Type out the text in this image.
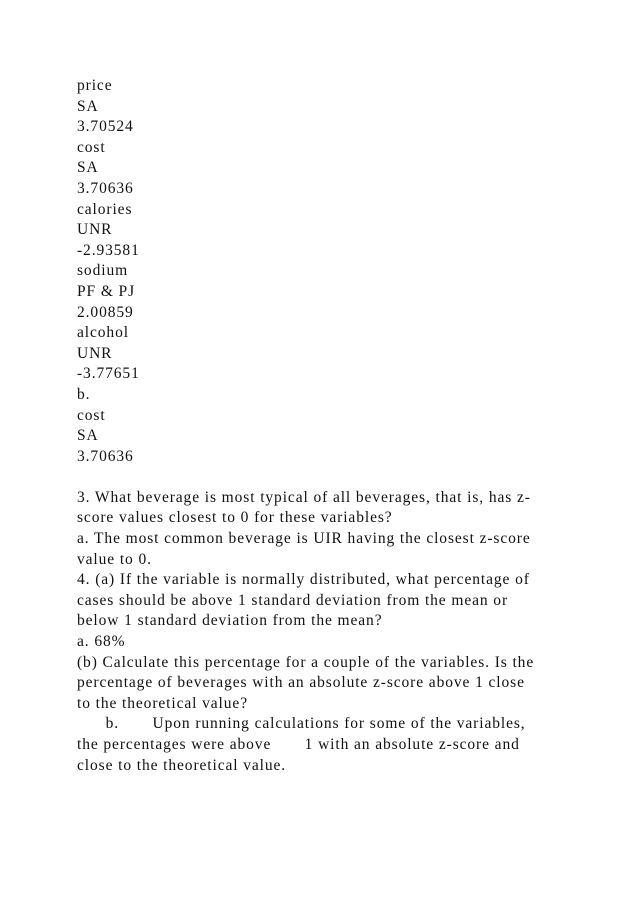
price
SA
3.70524
cost
SA
3.70636
calories
UNR
-2.93581
sodium
PF & PJ
2.00859
alcohol
UNR
-3.77651
b.
cost
SA
3.70636
3. What beverage is most typical of all beverages, that is, has z-
score values closest to 0 for these variables?
a. The most common beverage is UIR having the closest z-score
value to 0.
4. (a) If the variable is normally distributed, what percentage of
cases should be above 1 standard deviation from the mean or
below 1 standard deviation from the mean?
a. 68%
(b) Calculate this percentage for a couple of the variables. Is the
percentage of beverages with an absolute z-score above 1 close
to the theoretical value?
b.       Upon running calculations for some of the variables,
the percentages were above       1 with an absolute z-score and
close to the theoretical value.
